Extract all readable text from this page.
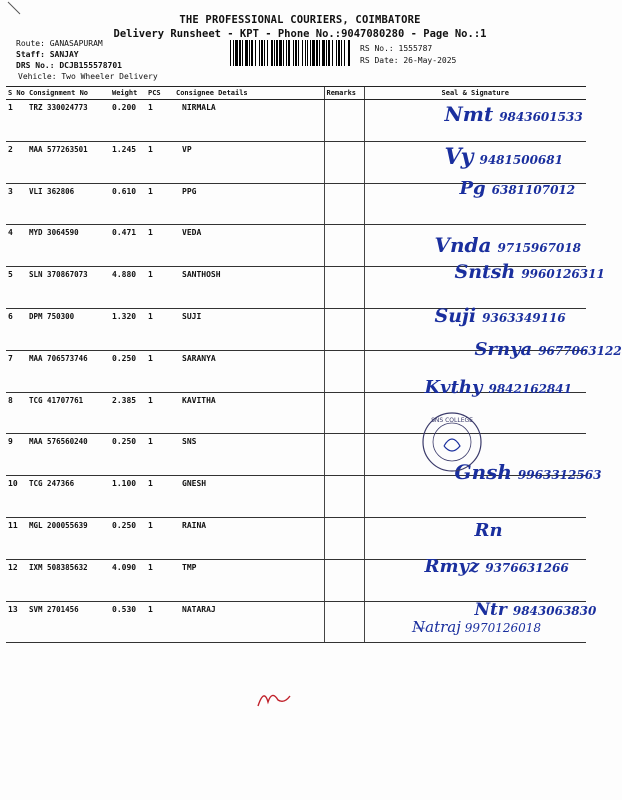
THE PROFESSIONAL COURIERS, COIMBATORE
Delivery Runsheet - KPT - Phone No.:9047080280 - Page No.:1
Route: GANASAPURAM
Staff: SANJAY
DRS No.: DCJB155578701
Vehicle: Two Wheeler Delivery
RS No.: 1555787
RS Date: 26-May-2025
S No	Consignment No	Weight	PCS	Consignee Details	Remarks	Seal & Signature
1	TRZ 330024773	0.200	1	NIRMALA		Nmt 9843601533

2	MAA 577263501	1.245	1	VP		Vy 9481500681

3	VLI 362806	0.610	1	PPG		Pg 6381107012

4	MYD 3064590	0.471	1	VEDA		Vnda 9715967018

5	SLN 370867073	4.880	1	SANTHOSH		Sntsh 9960126311

6	DPM 750300	1.320	1	SUJI		Suji 9363349116

7	MAA 706573746	0.250	1	SARANYA		Srnya 9677063122

8	TCG 41707761	2.385	1	KAVITHA		Kvthy 9842162841

9	MAA 576560240	0.250	1	SNS		

10	TCG 247366	1.100	1	GNESH		Gnsh 9963312563

11	MGL 200055639	0.250	1	RAINA		Rn

12	IXM 508385632	4.090	1	TMP		Rmyz 9376631266

13	SVM 2701456	0.530	1	NATARAJ		Ntr 9843063830
N̶atraj 9970126018
SNS COLLEGE
